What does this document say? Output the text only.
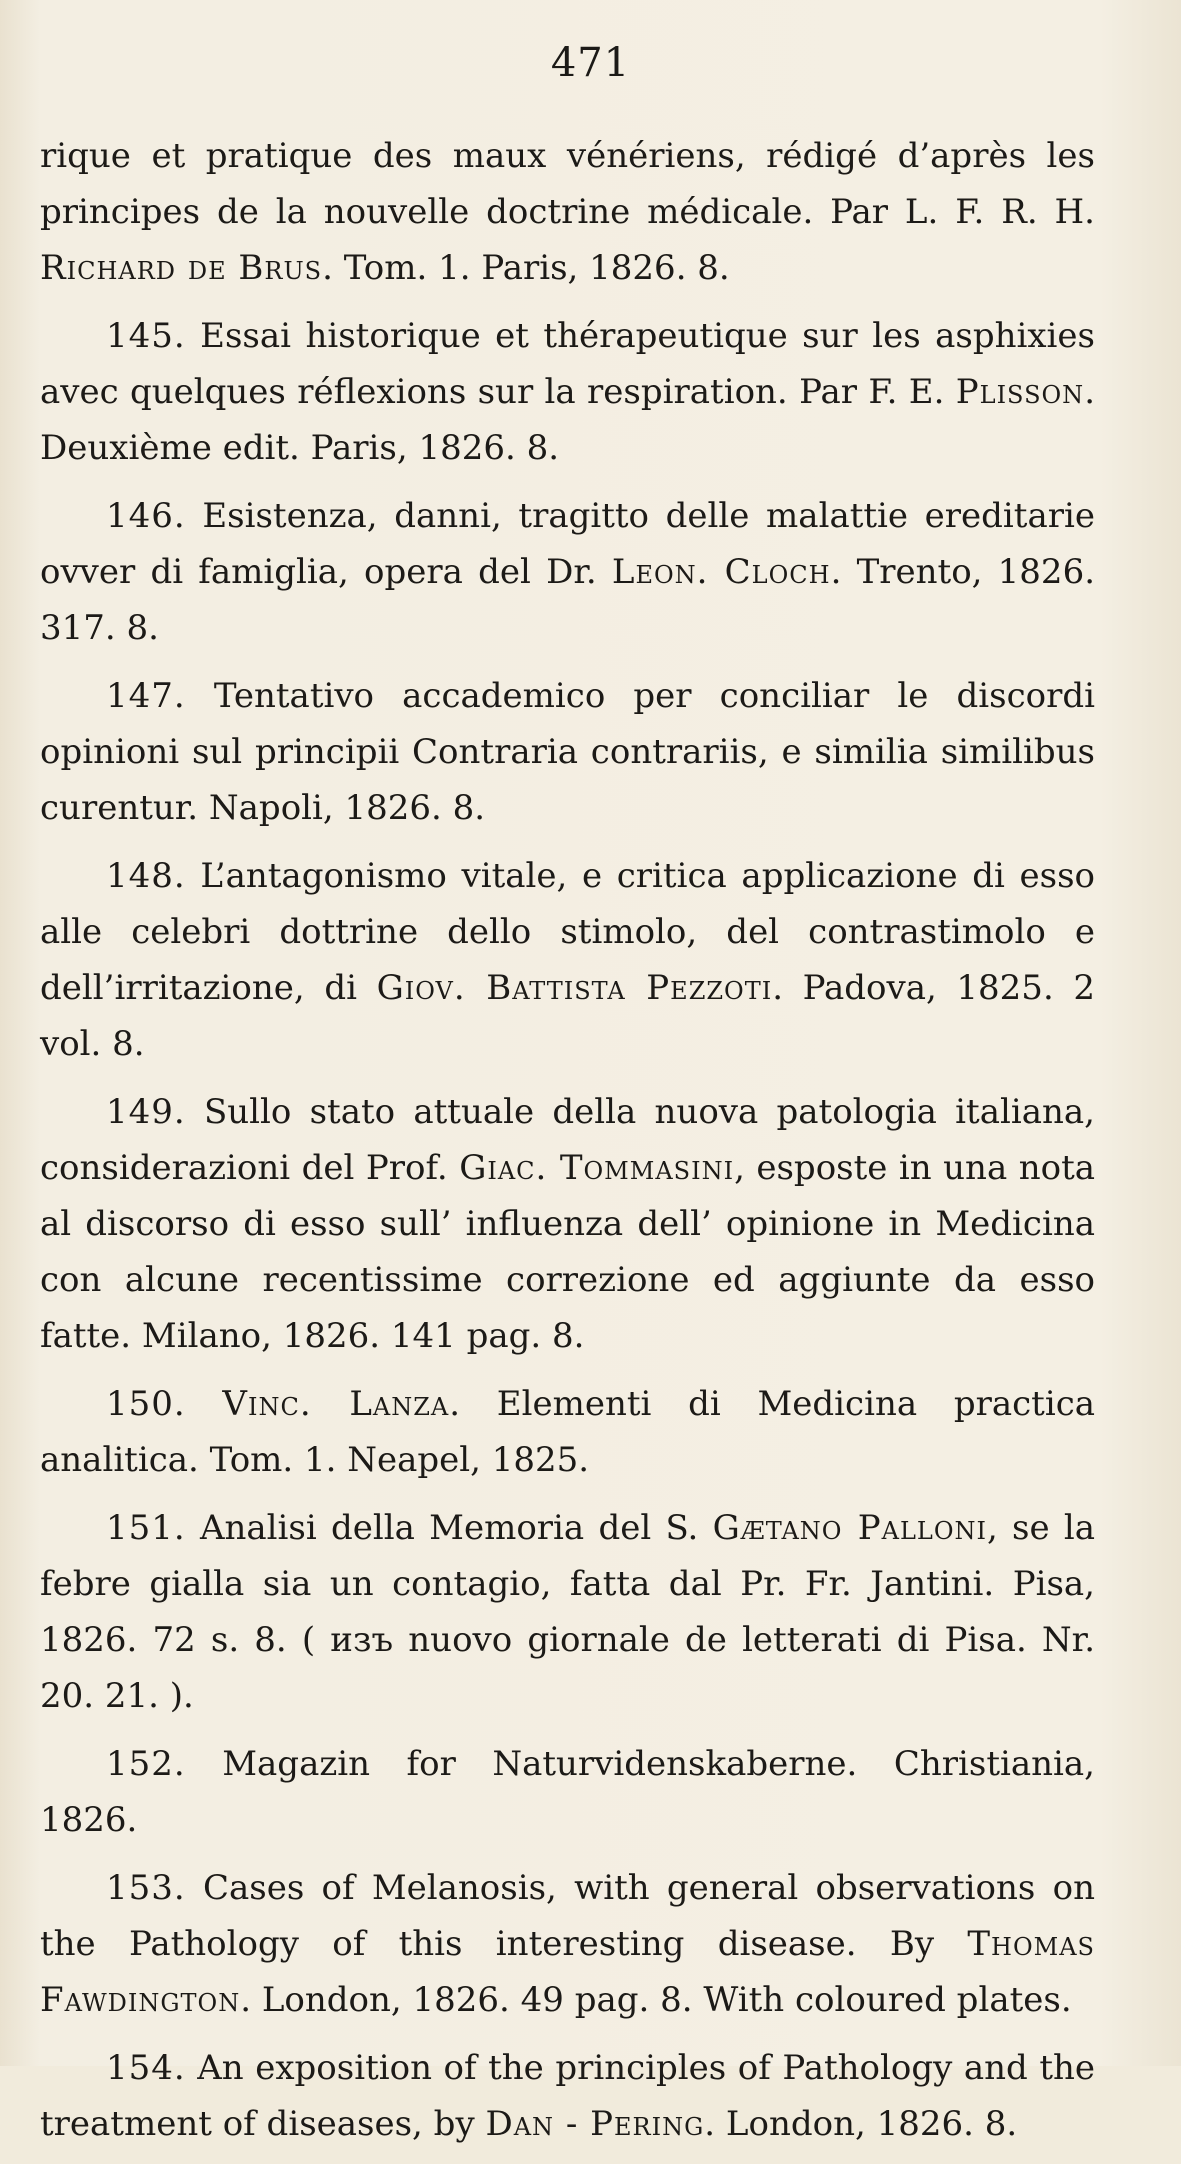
471

rique et pratique des maux vénériens, rédigé d’après les principes de la nouvelle doctrine médicale. Par L. F. R. H. Richard de Brus. Tom. 1. Paris, 1826. 8.

145. Essai historique et thérapeutique sur les asphixies avec quelques réflexions sur la respiration. Par F. E. Plisson. Deuxième edit. Paris, 1826. 8.

146. Esistenza, danni, tragitto delle malattie ereditarie ovver di famiglia, opera del Dr. Leon. Cloch. Trento, 1826. 317. 8.

147. Tentativo accademico per conciliar le discordi opinioni sul principii Contraria contrariis, e similia similibus curentur. Napoli, 1826. 8.

148. L’antagonismo vitale, e critica applicazione di esso alle celebri dottrine dello stimolo, del contrastimolo e dell’irritazione, di Giov. Battista Pezzoti. Padova, 1825. 2 vol. 8.

149. Sullo stato attuale della nuova patologia italiana, considerazioni del Prof. Giac. Tommasini, esposte in una nota al discorso di esso sull’ influenza dell’ opinione in Medicina con alcune recentissime correzione ed aggiunte da esso fatte. Milano, 1826. 141 pag. 8.

150. Vinc. Lanza. Elementi di Medicina practica analitica. Tom. 1. Neapel, 1825.

151. Analisi della Memoria del S. Gætano Palloni, se la febre gialla sia un contagio, fatta dal Pr. Fr. Jantini. Pisa, 1826. 72 s. 8. ( изъ nuovo giornale de letterati di Pisa. Nr. 20. 21. ).

152. Magazin for Naturvidenskaberne. Christiania, 1826.

153. Cases of Melanosis, with general observations on the Pathology of this interesting disease. By Thomas Fawdington. London, 1826. 49 pag. 8. With coloured plates.

154. An exposition of the principles of Pathology and the treatment of diseases, by Dan - Pering. London, 1826. 8.
